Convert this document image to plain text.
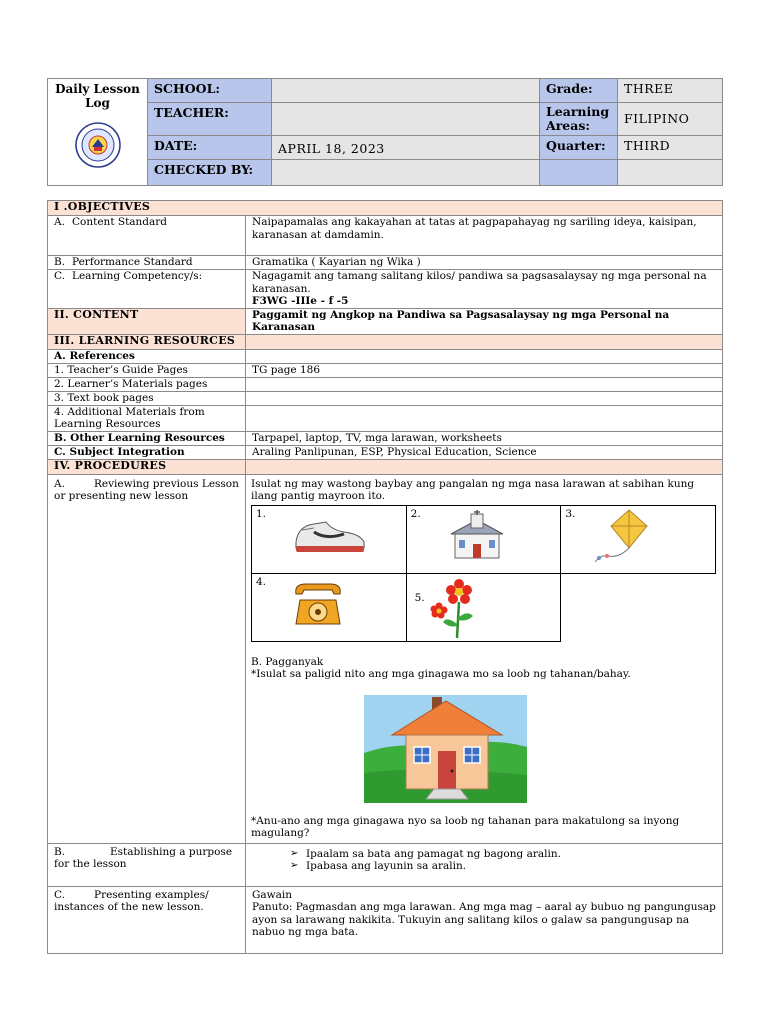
Daily Lesson Log	SCHOOL:		Grade:	THREE
	TEACHER:		Learning Areas:	FILIPINO
	DATE:	APRIL 18, 2023	Quarter:	THIRD
	CHECKED BY:			
I .OBJECTIVES
A. Content Standard	Naipapamalas ang kakayahan at tatas at pagpapahayag ng sariling ideya, kaisipan, karanasan at damdamin.
B. Performance Standard	Gramatika ( Kayarian ng Wika )
C. Learning Competency/s:	Nagagamit ang tamang salitang kilos/ pandiwa sa pagsasalaysay ng mga personal na karanasan.
F3WG -IIIe - f -5

II. CONTENT	Paggamit ng Angkop na Pandiwa sa Pagsasalaysay ng mga Personal na Karanasan
III. LEARNING RESOURCES	
A. References	
1. Teacher’s Guide Pages	TG page 186
2. Learner’s Materials pages	
3. Text book pages	
4. Additional Materials from Learning Resources	
B. Other Learning Resources	Tarpapel, laptop, TV, mga larawan, worksheets
C. Subject Integration	Araling Panlipunan, ESP, Physical Education, Science
IV. PROCEDURES	
A.	Reviewing previous Lesson or presenting new lesson	
Isulat ng may wastong baybay ang pangalan ng mga nasa larawan at sabihan kung ilang pantig mayroon ito.
1.	2.	3.

4.

5.

B. Pagganyak
*Isulat sa paligid nito ang mga ginagawa mo sa loob ng tahanan/bahay.
*Anu-ano ang mga ginagawa nyo sa loob ng tahanan para makatulong sa inyong magulang?

B.	Establishing a purpose for the lesson	
➢ Ipaalam sa bata ang pamagat ng bagong aralin.
➢ Ipabasa ang layunin sa aralin.

C.	Presenting examples/ instances of the new lesson.	
Gawain
Panuto: Pagmasdan ang mga larawan. Ang mga mag – aaral ay bubuo ng pangungusap ayon sa larawang nakikita. Tukuyin ang salitang kilos o galaw sa pangungusap na nabuo ng mga bata.
